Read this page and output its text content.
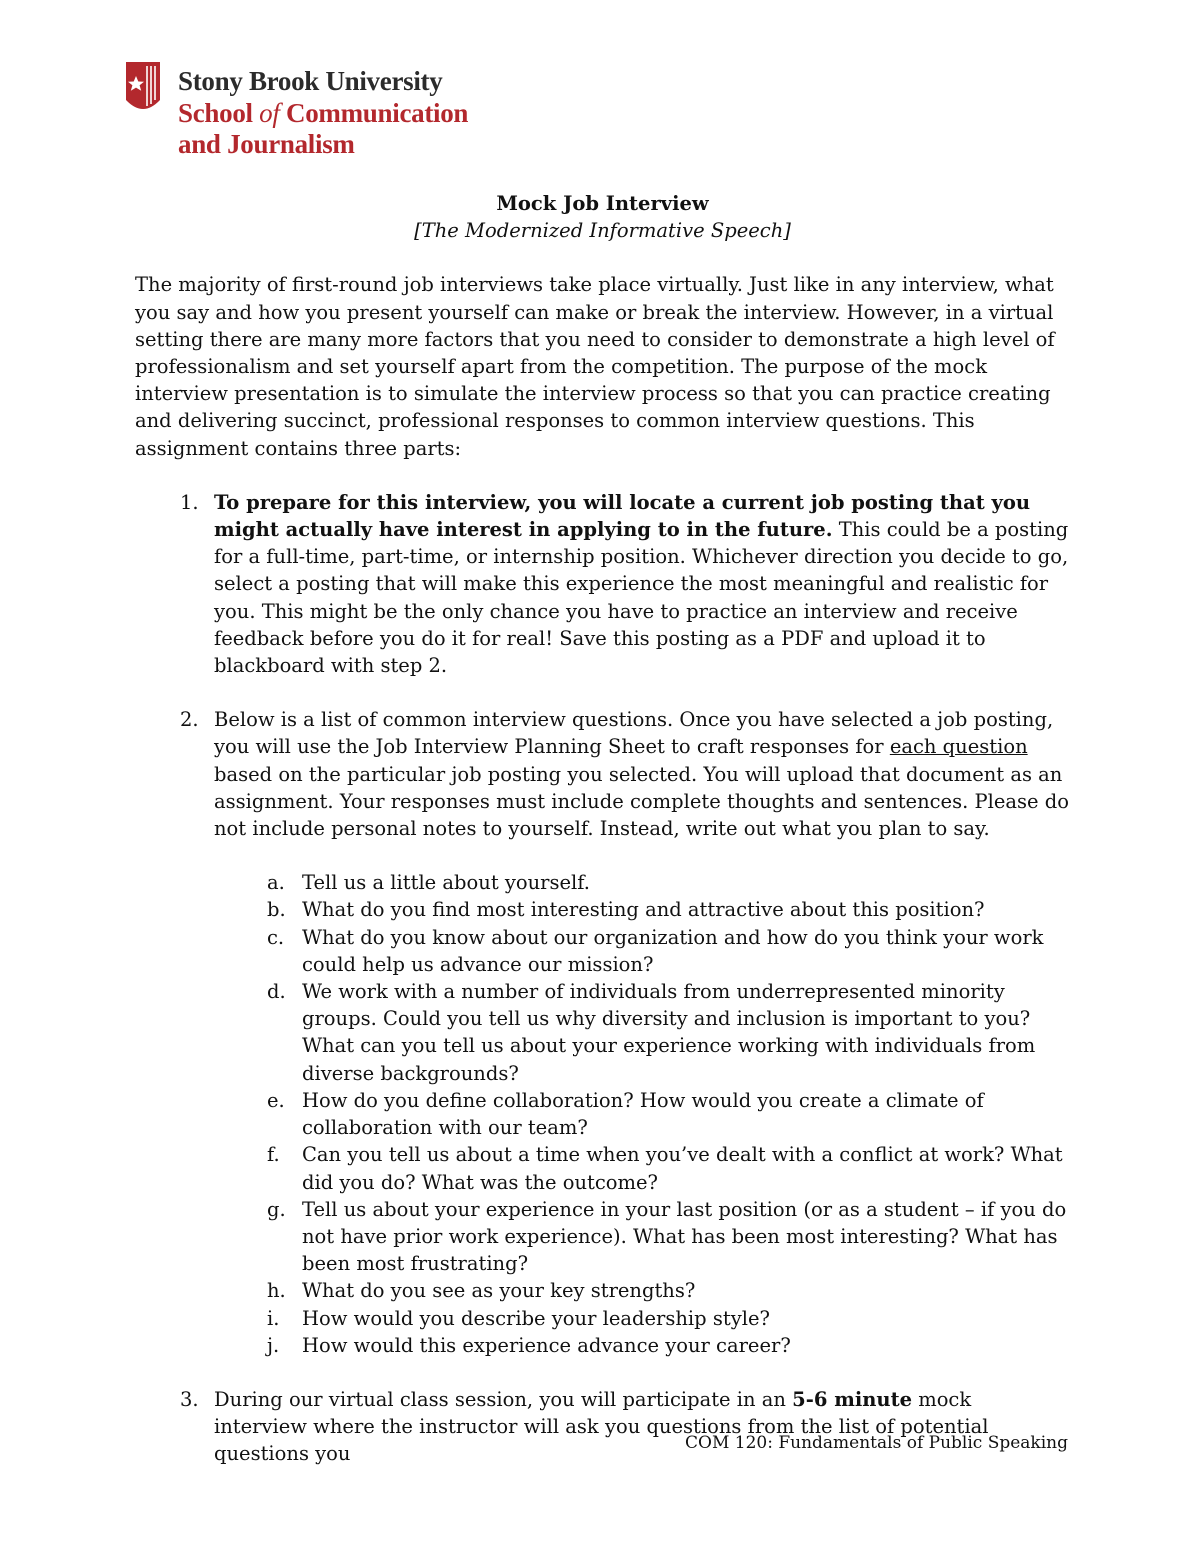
Stony Brook University
School of Communication
and Journalism
Mock Job Interview
[The Modernized Informative Speech]

The majority of first-round job interviews take place virtually. Just like in any interview, what you say and how you present yourself can make or break the interview. However, in a virtual setting there are many more factors that you need to consider to demonstrate a high level of professionalism and set yourself apart from the competition. The purpose of the mock interview presentation is to simulate the interview process so that you can practice creating and delivering succinct, professional responses to common interview questions. This assignment contains three parts:

1. To prepare for this interview, you will locate a current job posting that you might actually have interest in applying to in the future. This could be a posting for a full-time, part-time, or internship position. Whichever direction you decide to go, select a posting that will make this experience the most meaningful and realistic for you. This might be the only chance you have to practice an interview and receive feedback before you do it for real! Save this posting as a PDF and upload it to blackboard with step 2.
2. Below is a list of common interview questions. Once you have selected a job posting, you will use the Job Interview Planning Sheet to craft responses for each question based on the particular job posting you selected. You will upload that document as an assignment. Your responses must include complete thoughts and sentences. Please do not include personal notes to yourself. Instead, write out what you plan to say.
a. Tell us a little about yourself.
b. What do you find most interesting and attractive about this position?
c. What do you know about our organization and how do you think your work could help us advance our mission?
d. We work with a number of individuals from underrepresented minority groups. Could you tell us why diversity and inclusion is important to you? What can you tell us about your experience working with individuals from diverse backgrounds?
e. How do you define collaboration? How would you create a climate of collaboration with our team?
f. Can you tell us about a time when you’ve dealt with a conflict at work? What did you do? What was the outcome?
g. Tell us about your experience in your last position (or as a student – if you do not have prior work experience). What has been most interesting? What has been most frustrating?
h. What do you see as your key strengths?
i. How would you describe your leadership style?
j. How would this experience advance your career?
3. During our virtual class session, you will participate in an 5-6 minute mock interview where the instructor will ask you questions from the list of potential questions you	COM 120: Fundamentals of Public Speaking
